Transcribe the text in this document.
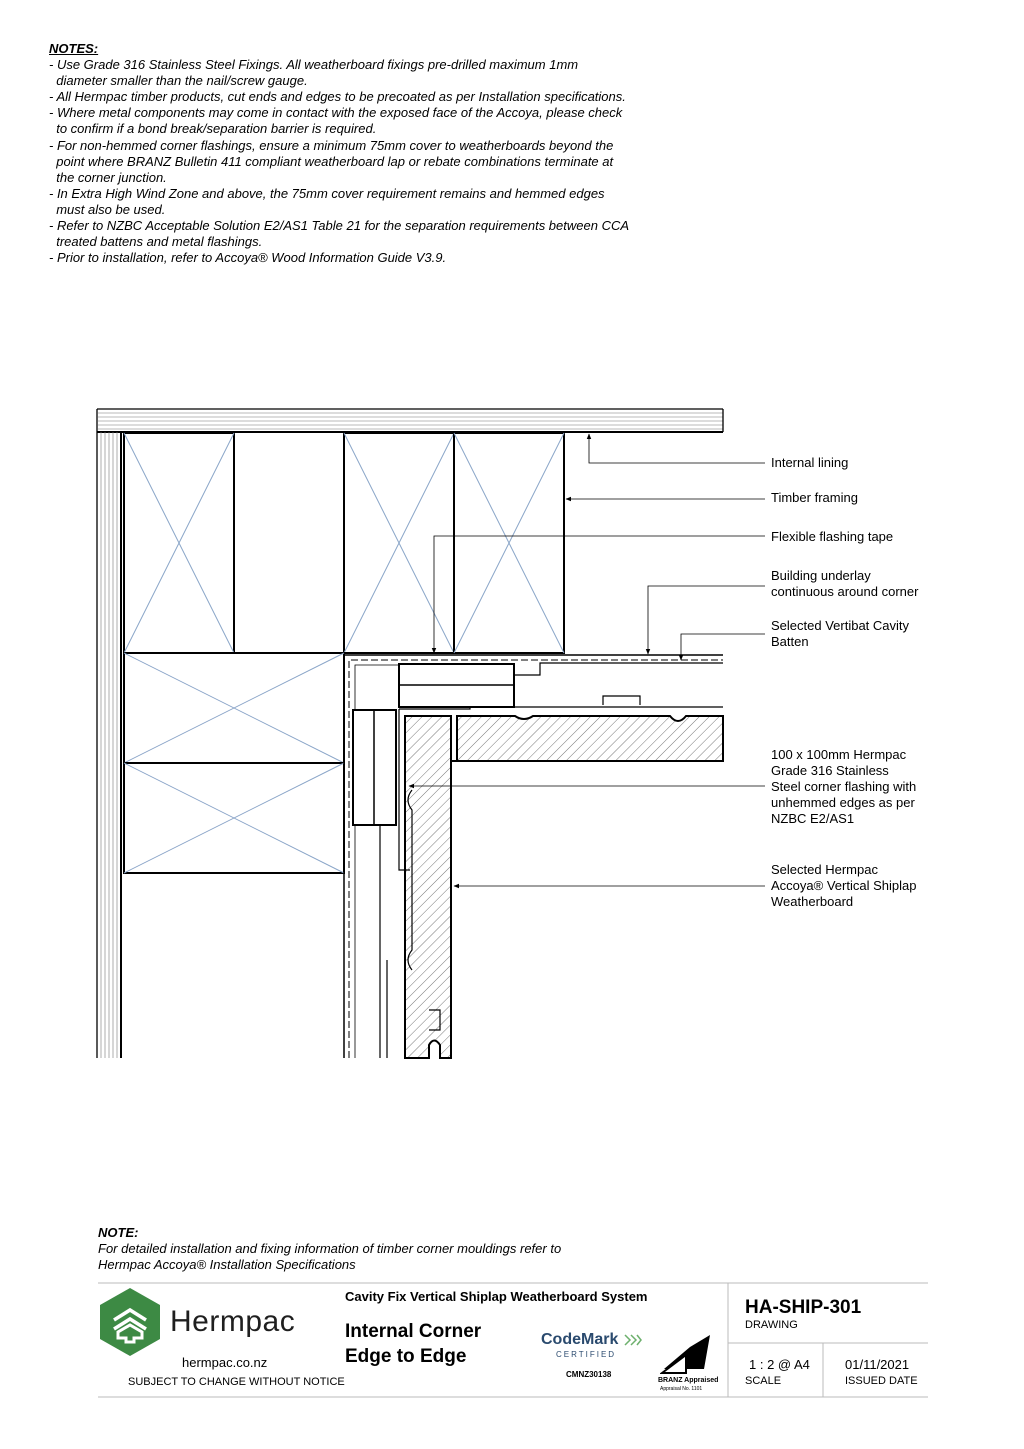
NOTES:
- Use Grade 316 Stainless Steel Fixings. All weatherboard fixings pre-drilled maximum 1mm
diameter smaller than the nail/screw gauge.
- All Hermpac timber products, cut ends and edges to be precoated as per Installation specifications.
- Where metal components may come in contact with the exposed face of the Accoya, please check
to confirm if a bond break/separation barrier is required.
- For non-hemmed corner flashings, ensure a minimum 75mm cover to weatherboards beyond the
point where BRANZ Bulletin 411 compliant weatherboard lap or rebate combinations terminate at
the corner junction.
- In Extra High Wind Zone and above, the 75mm cover requirement remains and hemmed edges
must also be used.
- Refer to NZBC Acceptable Solution E2/AS1 Table 21 for the separation requirements between CCA
treated battens and metal flashings.
- Prior to installation, refer to Accoya® Wood Information Guide V3.9.
Internal lining
Timber framing
Flexible flashing tape
Building underlay
continuous around corner
Selected Vertibat Cavity
Batten
100 x 100mm Hermpac
Grade 316 Stainless
Steel corner flashing with
unhemmed edges as per
NZBC E2/AS1
Selected Hermpac
Accoya® Vertical Shiplap
Weatherboard
NOTE:
For detailed installation and fixing information of timber corner mouldings refer to
Hermpac Accoya® Installation Specifications
Hermpac
hermpac.co.nz
SUBJECT TO CHANGE WITHOUT NOTICE
Cavity Fix Vertical Shiplap Weatherboard System
Internal Corner
Edge to Edge
CodeMark
CERTIFIED
CMNZ30138
BRANZ Appraised
Appraisal No. 1101
HA-SHIP-301
DRAWING
1 : 2 @ A4
SCALE
01/11/2021
ISSUED DATE
